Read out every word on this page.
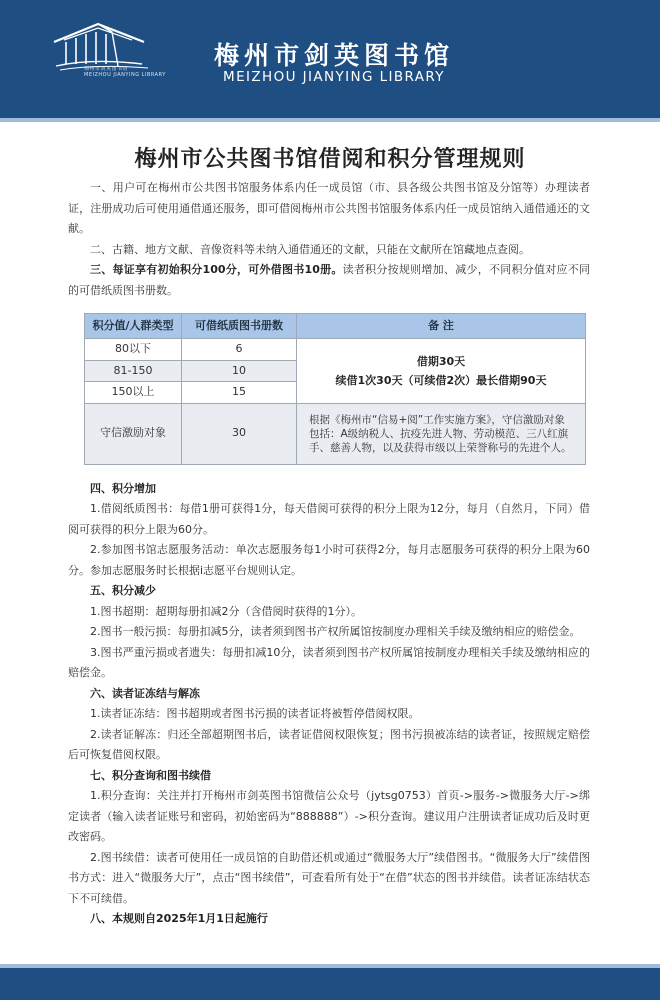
梅州市剑英图书馆
MEIZHOU JIANYING LIBRARY
梅州市剑英图书馆
MEIZHOU JIANYING LIBRARY
梅州市公共图书馆借阅和积分管理规则

一、用户可在梅州市公共图书馆服务体系内任一成员馆（市、县各级公共图书馆及分馆等）办理读者证，注册成功后可使用通借通还服务，即可借阅梅州市公共图书馆服务体系内任一成员馆纳入通借通还的文献。

二、古籍、地方文献、音像资料等未纳入通借通还的文献，只能在文献所在馆藏地点查阅。

三、每证享有初始积分100分，可外借图书10册。读者积分按规则增加、减少，不同积分值对应不同的可借纸质图书册数。

积分值/人群类型	可借纸质图书册数	备 注
80以下	6	借期30天
续借1次30天（可续借2次）最长借期90天

81-150	10	
150以上	15	
守信激励对象	30	根据《梅州市“信易+阅”工作实施方案》，守信激励对象包括：A级纳税人、抗疫先进人物、劳动模范、三八红旗手、慈善人物，以及获得市级以上荣誉称号的先进个人。

四、积分增加

1.借阅纸质图书：每借1册可获得1分，每天借阅可获得的积分上限为12分，每月（自然月，下同）借阅可获得的积分上限为60分。

2.参加图书馆志愿服务活动：单次志愿服务每1小时可获得2分，每月志愿服务可获得的积分上限为60分。参加志愿服务时长根据i志愿平台规则认定。

五、积分减少

1.图书超期：超期每册扣减2分（含借阅时获得的1分）。

2.图书一般污损：每册扣减5分，读者须到图书产权所属馆按制度办理相关手续及缴纳相应的赔偿金。

3.图书严重污损或者遗失：每册扣减10分，读者须到图书产权所属馆按制度办理相关手续及缴纳相应的赔偿金。

六、读者证冻结与解冻

1.读者证冻结：图书超期或者图书污损的读者证将被暂停借阅权限。

2.读者证解冻：归还全部超期图书后，读者证借阅权限恢复；图书污损被冻结的读者证，按照规定赔偿后可恢复借阅权限。

七、积分查询和图书续借

1.积分查询：关注并打开梅州市剑英图书馆微信公众号（jytsg0753）首页->服务->微服务大厅->绑定读者（输入读者证账号和密码，初始密码为“888888”）->积分查询。建议用户注册读者证成功后及时更改密码。

2.图书续借：读者可使用任一成员馆的自助借还机或通过“微服务大厅”续借图书。“微服务大厅”续借图书方式：进入“微服务大厅”，点击“图书续借”，可查看所有处于“在借”状态的图书并续借。读者证冻结状态下不可续借。

八、本规则自2025年1月1日起施行
